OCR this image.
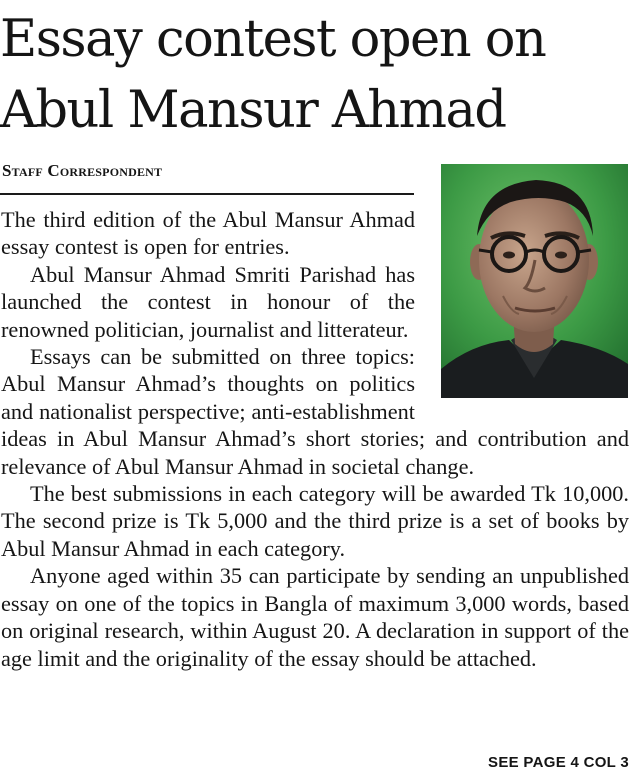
Essay contest open on
Abul Mansur Ahmad
Staff Correspondent

The third edition of the Abul Mansur Ahmad essay contest is open for entries.

Abul Mansur Ahmad Smriti Parishad has launched the contest in honour of the renowned politician, journalist and litterateur.

Essays can be submitted on three topics: Abul Mansur Ahmad’s thoughts on politics and nationalist perspective; anti-establishment ideas in Abul Mansur Ahmad’s short stories; and contribution and relevance of Abul Mansur Ahmad in societal change.

The best submissions in each category will be awarded Tk 10,000. The second prize is Tk 5,000 and the third prize is a set of books by Abul Mansur Ahmad in each category.

Anyone aged within 35 can participate by sending an unpublished essay on one of the topics in Bangla of maximum 3,000 words, based on original research, within August 20. A declaration in support of the age limit and the originality of the essay should be attached.

SEE PAGE 4 COL 3
